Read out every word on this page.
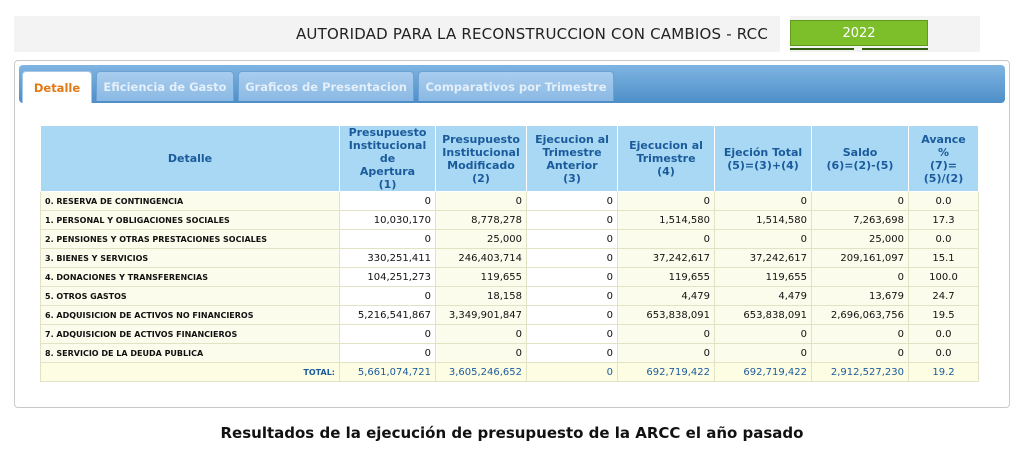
AUTORIDAD PARA LA RECONSTRUCCION CON CAMBIOS - RCC	2022
Detalle	Eficiencia de Gasto	Graficos de Presentacion	Comparativos por Trimestre
Detalle	Presupuesto
Institucional de
Apertura
(1)	Presupuesto
Institucional
Modificado
(2)	Ejecucion al
Trimestre
Anterior
(3)	Ejecucion al
Trimestre
(4)	Ejeción Total
(5)=(3)+(4)	Saldo
(6)=(2)-(5)	Avance
%
(7)=(5)/(2)
0. RESERVA DE CONTINGENCIA	0	0	0	0	0	0	0.0
1. PERSONAL Y OBLIGACIONES SOCIALES	10,030,170	8,778,278	0	1,514,580	1,514,580	7,263,698	17.3
2. PENSIONES Y OTRAS PRESTACIONES SOCIALES	0	25,000	0	0	0	25,000	0.0
3. BIENES Y SERVICIOS	330,251,411	246,403,714	0	37,242,617	37,242,617	209,161,097	15.1
4. DONACIONES Y TRANSFERENCIAS	104,251,273	119,655	0	119,655	119,655	0	100.0
5. OTROS GASTOS	0	18,158	0	4,479	4,479	13,679	24.7
6. ADQUISICION DE ACTIVOS NO FINANCIEROS	5,216,541,867	3,349,901,847	0	653,838,091	653,838,091	2,696,063,756	19.5
7. ADQUISICION DE ACTIVOS FINANCIEROS	0	0	0	0	0	0	0.0
8. SERVICIO DE LA DEUDA PUBLICA	0	0	0	0	0	0	0.0
TOTAL:	5,661,074,721	3,605,246,652	0	692,719,422	692,719,422	2,912,527,230	19.2
Resultados de la ejecución de presupuesto de la ARCC el año pasado
